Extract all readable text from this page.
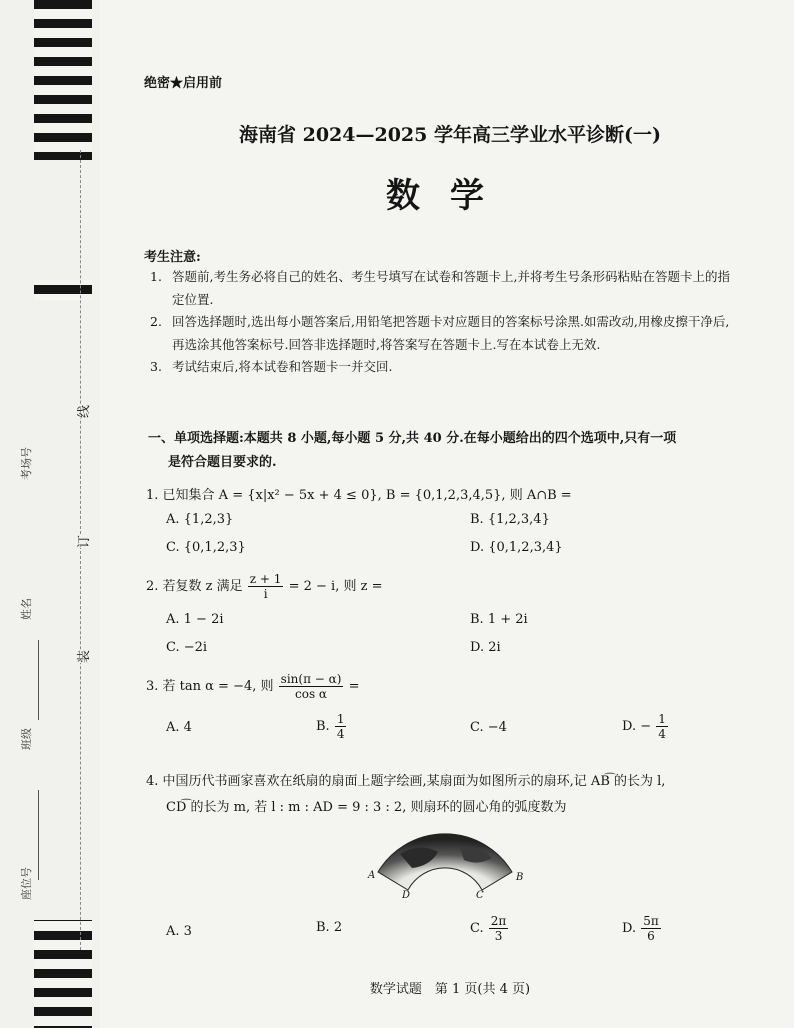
线
订
装
班级
姓名
考场号
座位号
绝密★启用前
海南省 2024—2025 学年高三学业水平诊断(一)
数学
考生注意:
1. 答题前,考生务必将自己的姓名、考生号填写在试卷和答题卡上,并将考生号条形码粘贴在答题卡上的指定位置.
2. 回答选择题时,选出每小题答案后,用铅笔把答题卡对应题目的答案标号涂黑.如需改动,用橡皮擦干净后,再选涂其他答案标号.回答非选择题时,将答案写在答题卡上.写在本试卷上无效.
3. 考试结束后,将本试卷和答题卡一并交回.
一、单项选择题:本题共 8 小题,每小题 5 分,共 40 分.在每小题给出的四个选项中,只有一项
是符合题目要求的.
1. 已知集合 A = {x|x² − 5x + 4 ≤ 0}, B = {0,1,2,3,4,5}, 则 A∩B =
A. {1,2,3}	B. {1,2,3,4}
C. {0,1,2,3}	D. {0,1,2,3,4}
2. 若复数 z 满足 $\frac{z + 1}{i} = 2 - i$, 则 z =
A. 1 − 2i	B. 1 + 2i
C. −2i	D. 2i
3. 若 tan α = −4, 则 $\frac{\sin(\pi - \alpha)}{\text{cos α}}$ =
A. 4	B. $\frac{1}{4}$	C. −4	D. − $\frac{1}{4}$
4. 中国历代书画家喜欢在纸扇的扇面上题字绘画,某扇面为如图所示的扇环,记 AB͡ 的长为 l,
CD͡ 的长为 m, 若 l : m : AD = 9 : 3 : 2, 则扇环的圆心角的弧度数为
A	B
C
D
A. 3	B. 2	C. $\frac{2\pi}{3}$	D. $\frac{5\pi}{6}$
数学试题　第 1 页(共 4 页)
